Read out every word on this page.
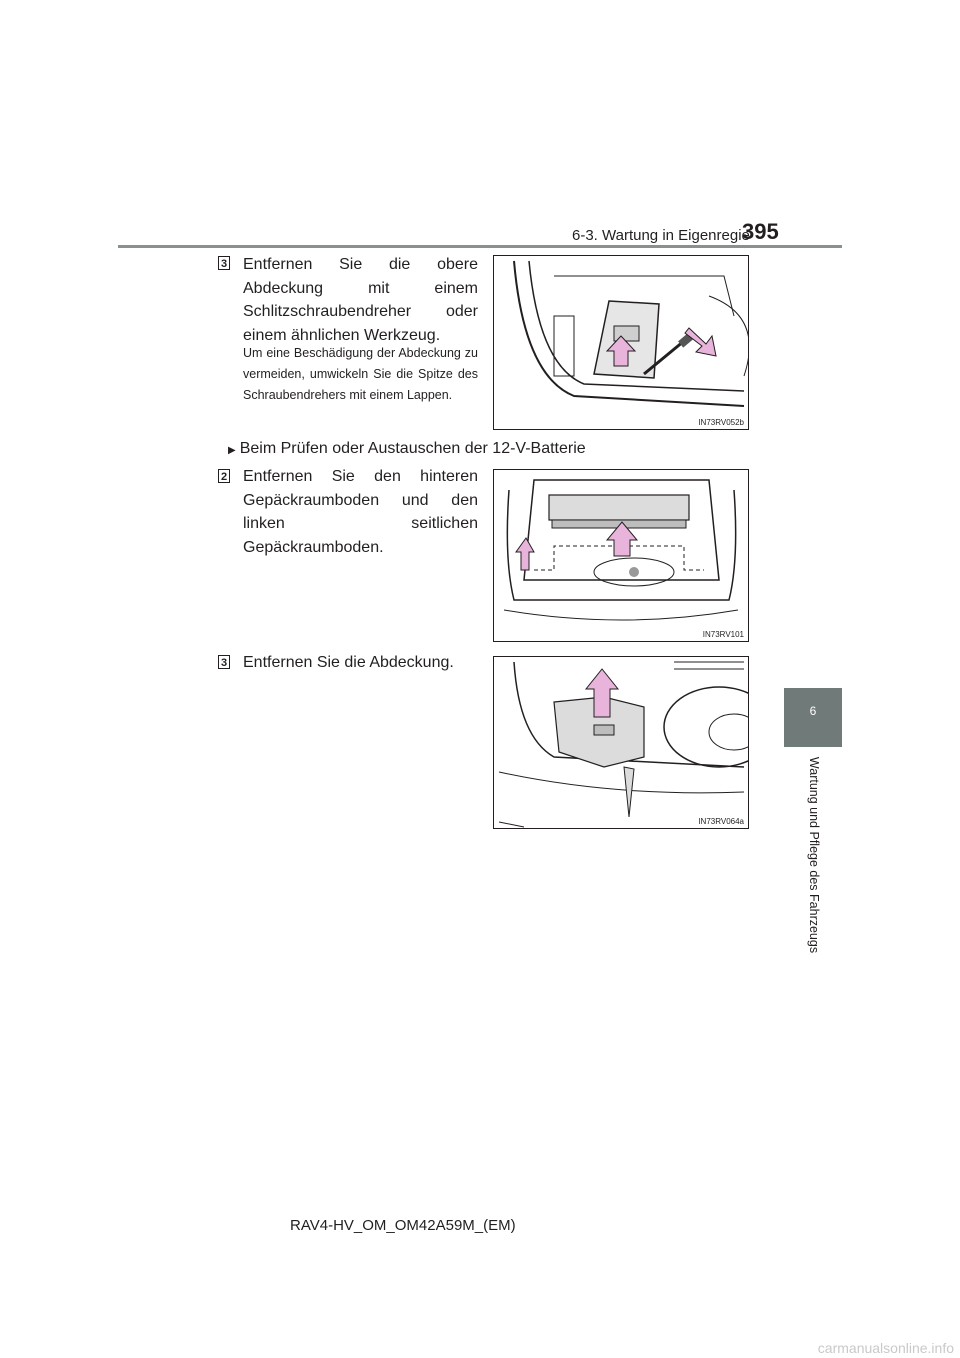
6-3. Wartung in Eigenregie
395
6
Wartung und Pflege des Fahrzeugs
3 Entfernen Sie die obere Abdeckung mit einem Schlitzschraubendreher oder einem ähnlichen Werkzeug.
Um eine Beschädigung der Abdeckung zu vermeiden, umwickeln Sie die Spitze des Schraubendrehers mit einem Lappen.
IN73RV052b
▶ Beim Prüfen oder Austauschen der 12-V-Batterie
2 Entfernen Sie den hinteren Gepäckraumboden und den linken seitlichen Gepäckraumboden.
IN73RV101
3 Entfernen Sie die Abdeckung.
IN73RV064a
RAV4-HV_OM_OM42A59M_(EM)
carmanualsonline.info
